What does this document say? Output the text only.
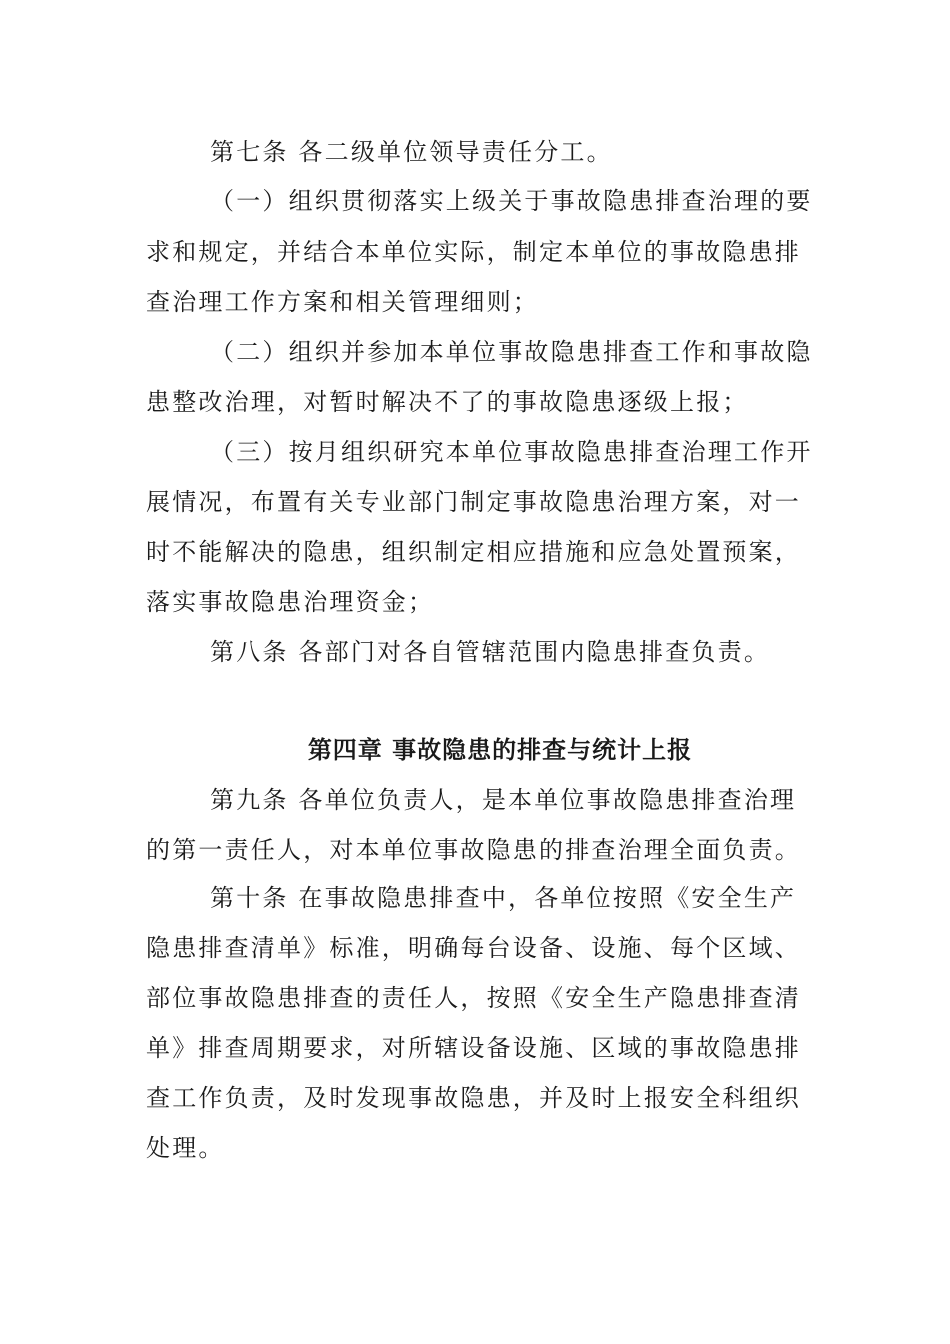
第七条 各二级单位领导责任分工。
（一）组织贯彻落实上级关于事故隐患排查治理的要
求和规定，并结合本单位实际，制定本单位的事故隐患排
查治理工作方案和相关管理细则；
（二）组织并参加本单位事故隐患排查工作和事故隐
患整改治理，对暂时解决不了的事故隐患逐级上报；
（三）按月组织研究本单位事故隐患排查治理工作开
展情况，布置有关专业部门制定事故隐患治理方案，对一
时不能解决的隐患，组织制定相应措施和应急处置预案，
落实事故隐患治理资金；
第八条 各部门对各自管辖范围内隐患排查负责。
第四章 事故隐患的排查与统计上报
第九条 各单位负责人，是本单位事故隐患排查治理
的第一责任人，对本单位事故隐患的排查治理全面负责。
第十条 在事故隐患排查中，各单位按照《安全生产
隐患排查清单》标准，明确每台设备、设施、每个区域、
部位事故隐患排查的责任人，按照《安全生产隐患排查清
单》排查周期要求，对所辖设备设施、区域的事故隐患排
查工作负责，及时发现事故隐患，并及时上报安全科组织
处理。
